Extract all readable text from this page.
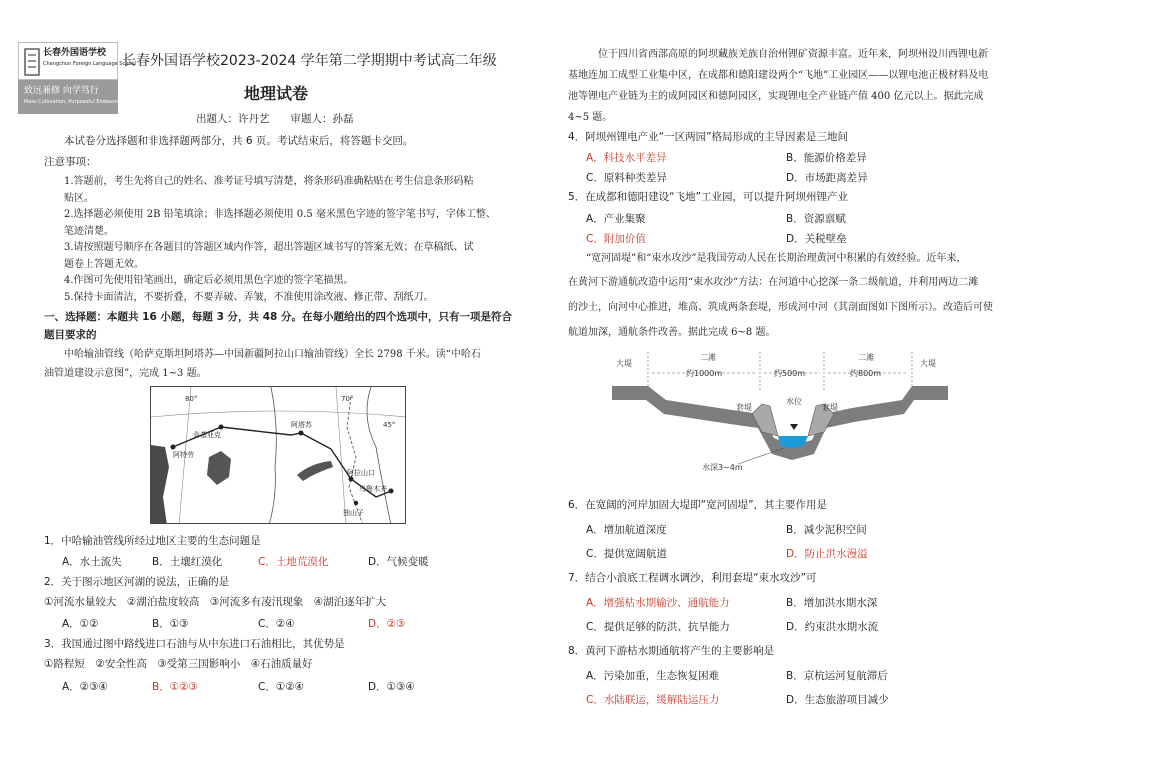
长春外国语学校
Changchun Foreign Language School
致远兼修 向学笃行
Mass Cultivation, Purposeful Endeavor
长春外国语学校2023-2024 学年第二学期期中考试高二年级
地理试卷
出题人：许丹艺　　审题人：孙磊
本试卷分选择题和非选择题两部分，共 6 页。考试结束后，将答题卡交回。
注意事项：
1.答题前，考生先将自己的姓名、准考证号填写清楚，将条形码准确粘贴在考生信息条形码粘
贴区。
2.选择题必须使用 2B 铅笔填涂；非选择题必须使用 0.5 毫米黑色字迹的签字笔书写，字体工整、
笔迹清楚。
3.请按照题号顺序在各题目的答题区域内作答，超出答题区域书写的答案无效；在草稿纸、试
题卷上答题无效。
4.作图可先使用铅笔画出，确定后必须用黑色字迹的签字笔描黑。
5.保持卡面清洁，不要折叠，不要弄破、弄皱，不准使用涂改液、修正带、刮纸刀。
一、选择题：本题共 16 小题，每题 3 分，共 48 分。在每小题给出的四个选项中，只有一项是符合
题目要求的
中哈输油管线（哈萨克斯坦阿塔苏—中国新疆阿拉山口输油管线）全长 2798 千米。读“中哈石
油管道建设示意图”，完成 1~3 题。
80°	70°
45°
肯基亚克
阿塔苏
阿特劳
阿拉山口
乌鲁木齐
独山子
1．中哈输油管线所经过地区主要的生态问题是
A．水土流失	B．土壤红漠化	C．土地荒漠化	D．气候变暖
2．关于图示地区河湖的说法，正确的是
①河流水量较大　②湖泊盐度较高　③河流多有凌汛现象　④湖泊逐年扩大
A．①②	B．①③	C．②④	D．②③
3．我国通过图中路线进口石油与从中东进口石油相比，其优势是
①路程短　②安全性高　③受第三国影响小　④石油质量好
A．②③④	B．①②③	C．①②④	D．①③④
位于四川省西部高原的阿坝藏族羌族自治州锂矿资源丰富。近年来，阿坝州设川西锂电新
基地连加工成型工业集中区，在成都和德阳建设两个“飞地”工业园区——以锂电池正极材料及电
池等锂电产业链为主的成阿园区和德阿园区，实现锂电全产业链产值 400 亿元以上。据此完成
4~5 题。
4．阿坝州锂电产业“一区两园”格局形成的主导因素是三地间
A．科技水平差异	B．能源价格差异
C．原料种类差异	D．市场距离差异
5．在成都和德阳建设“飞地”工业园，可以提升阿坝州锂产业
A．产业集聚	B．资源禀赋
C．附加价值	D．关税壁垒
“宽河固堤”和“束水攻沙”是我国劳动人民在长期治理黄河中积累的有效经验。近年来，
在黄河下游通航改造中运用“束水攻沙”方法：在河道中心挖深一条二级航道，并利用两边二滩
的沙土，向河中心推进，堆高、筑成两条套堤，形成河中河（其剖面图如下图所示）。改造后可使
航道加深，通航条件改善。据此完成 6~8 题。
大堤	大堤
二滩	二滩
约1000m	约500m	约800m
套堤	套堤
水位
水深3~4m
6．在宽阔的河岸加固大堤即“宽河固堤”，其主要作用是
A．增加航道深度	B．减少泥积空间
C．提供宽阔航道	D．防止洪水漫溢
7．结合小浪底工程调水调沙，利用套堤“束水攻沙”可
A．增强枯水期输沙、通航能力	B．增加洪水期水深
C．提供足够的防洪、抗旱能力	D．约束洪水期水流
8．黄河下游枯水期通航将产生的主要影响是
A．污染加重，生态恢复困难	B．京杭运河复航滞后
C．水陆联运，缓解陆运压力	D．生态旅游项目减少
